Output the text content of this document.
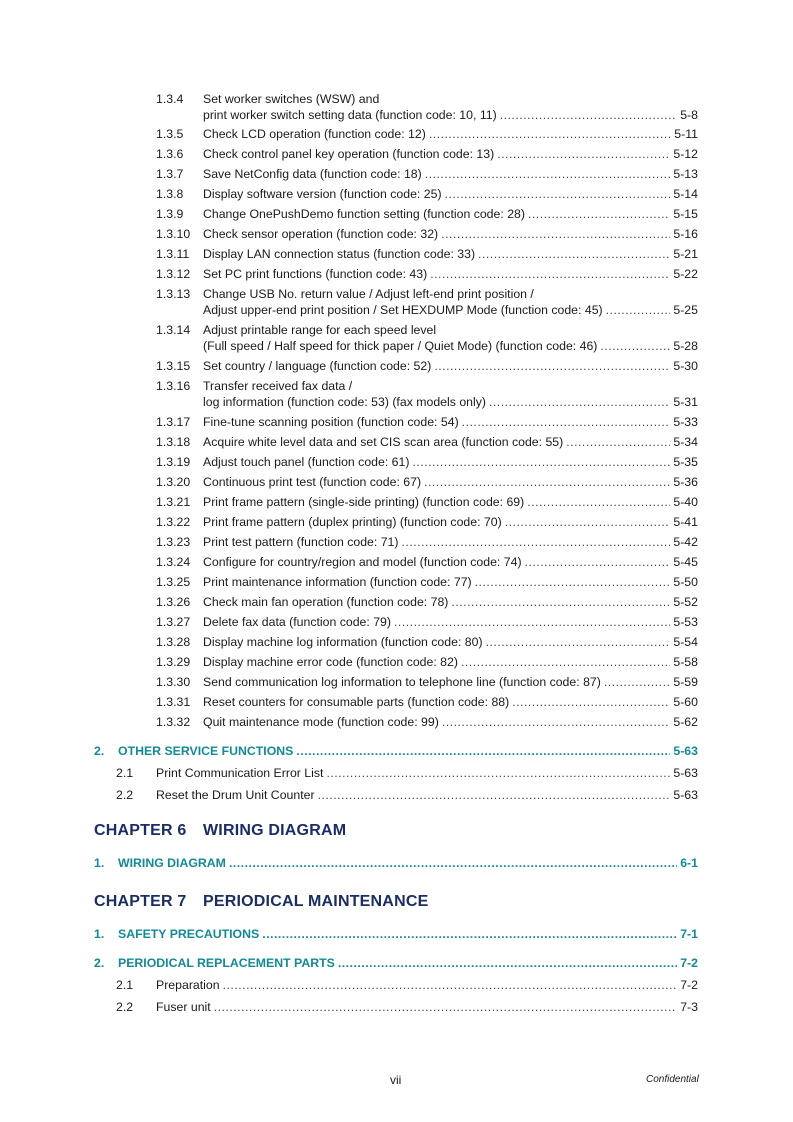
1.3.4	Set worker switches (WSW) and
print worker switch setting data (function code: 10, 11) .....	5-8
1.3.5	Check LCD operation (function code: 12) .....	5-11
1.3.6	Check control panel key operation (function code: 13) .....	5-12
1.3.7	Save NetConfig data (function code: 18) .....	5-13
1.3.8	Display software version (function code: 25) .....	5-14
1.3.9	Change OnePushDemo function setting (function code: 28) .....	5-15
1.3.10	Check sensor operation (function code: 32) .....	5-16
1.3.11	Display LAN connection status (function code: 33) .....	5-21
1.3.12	Set PC print functions (function code: 43) .....	5-22
1.3.13	Change USB No. return value / Adjust left-end print position /
Adjust upper-end print position / Set HEXDUMP Mode (function code: 45) .....	5-25
1.3.14	Adjust printable range for each speed level
(Full speed / Half speed for thick paper / Quiet Mode) (function code: 46) .....	5-28
1.3.15	Set country / language (function code: 52) .....	5-30
1.3.16	Transfer received fax data /
log information (function code: 53) (fax models only) .....	5-31
1.3.17	Fine-tune scanning position (function code: 54) .....	5-33
1.3.18	Acquire white level data and set CIS scan area (function code: 55) .....	5-34
1.3.19	Adjust touch panel (function code: 61) .....	5-35
1.3.20	Continuous print test (function code: 67) .....	5-36
1.3.21	Print frame pattern (single-side printing) (function code: 69) .....	5-40
1.3.22	Print frame pattern (duplex printing) (function code: 70) .....	5-41
1.3.23	Print test pattern (function code: 71) .....	5-42
1.3.24	Configure for country/region and model (function code: 74) .....	5-45
1.3.25	Print maintenance information (function code: 77) .....	5-50
1.3.26	Check main fan operation (function code: 78) .....	5-52
1.3.27	Delete fax data (function code: 79) .....	5-53
1.3.28	Display machine log information (function code: 80) .....	5-54
1.3.29	Display machine error code (function code: 82) .....	5-58
1.3.30	Send communication log information to telephone line (function code: 87) .....	5-59
1.3.31	Reset counters for consumable parts (function code: 88) .....	5-60
1.3.32	Quit maintenance mode (function code: 99) .....	5-62
2.	OTHER SERVICE FUNCTIONS .....	5-63
2.1	Print Communication Error List .....	5-63
2.2	Reset the Drum Unit Counter .....	5-63
CHAPTER 6 WIRING DIAGRAM
1.	WIRING DIAGRAM .....	6-1
CHAPTER 7 PERIODICAL MAINTENANCE
1.	SAFETY PRECAUTIONS .....	7-1
2.	PERIODICAL REPLACEMENT PARTS .....	7-2
2.1	Preparation .....	7-2
2.2	Fuser unit .....	7-3
vii	Confidential
